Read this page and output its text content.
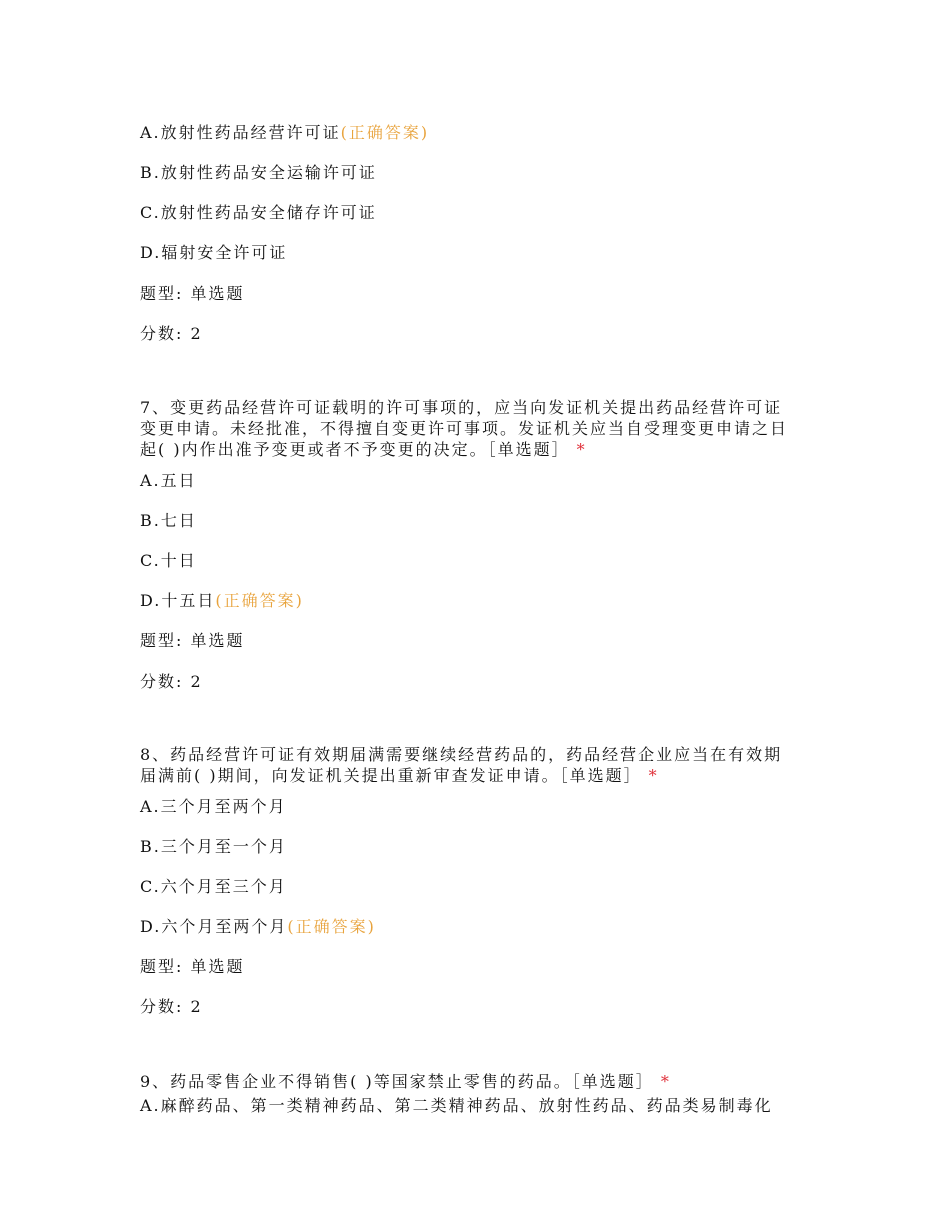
A.放射性药品经营许可证(正确答案)
B.放射性药品安全运输许可证
C.放射性药品安全储存许可证
D.辐射安全许可证
题型: 单选题
分数: 2
7、变更药品经营许可证载明的许可事项的，应当向发证机关提出药品经营许可证
变更申请。未经批准，不得擅自变更许可事项。发证机关应当自受理变更申请之日
起( )内作出准予变更或者不予变更的决定。［单选题］ *
A.五日
B.七日
C.十日
D.十五日(正确答案)
题型: 单选题
分数: 2
8、药品经营许可证有效期届满需要继续经营药品的，药品经营企业应当在有效期
届满前( )期间，向发证机关提出重新审查发证申请。［单选题］ *
A.三个月至两个月
B.三个月至一个月
C.六个月至三个月
D.六个月至两个月(正确答案)
题型: 单选题
分数: 2
9、药品零售企业不得销售( )等国家禁止零售的药品。［单选题］ *
A.麻醉药品、第一类精神药品、第二类精神药品、放射性药品、药品类易制毒化
